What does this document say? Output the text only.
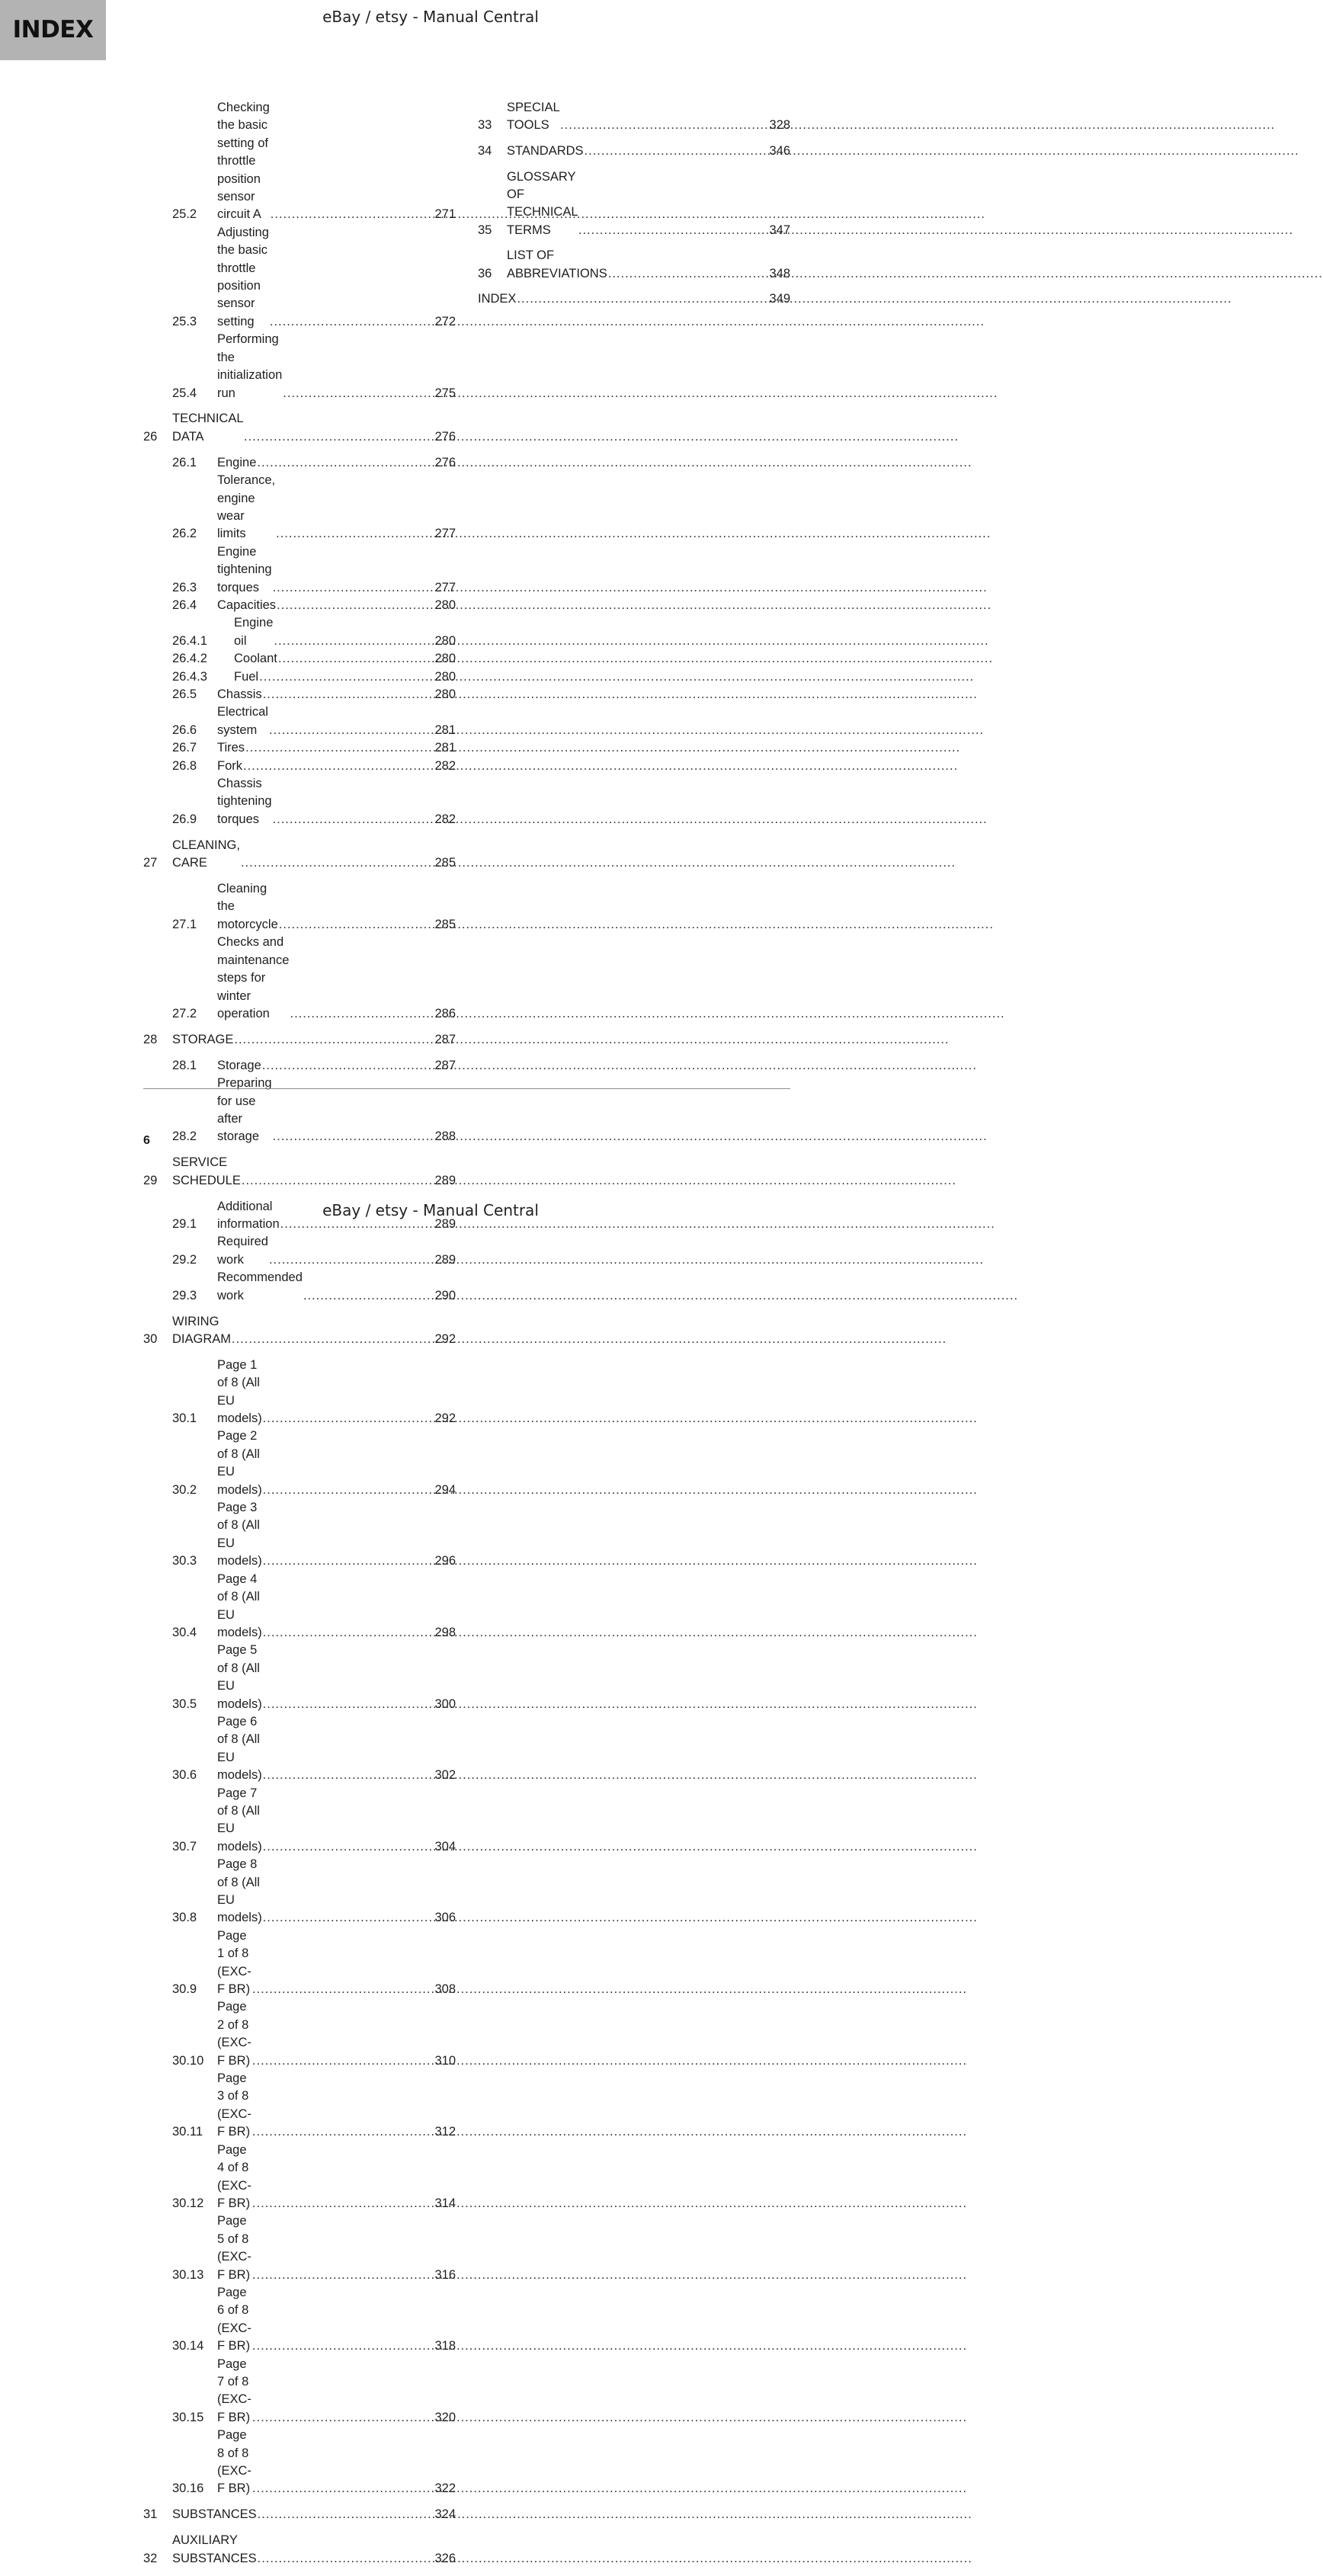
INDEX	eBay / etsy - Manual Central
25.2
Checking the basic setting of
throttle position sensor circuit A .....	271
25.3
Adjusting the basic throttle
position sensor setting .....	272
25.4
Performing the initialization run .....	275
26
TECHNICAL DATA .....	276
26.1	Engine .....	276
26.2
Tolerance, engine wear limits .....	277
26.3
Engine tightening torques .....	277
26.4	Capacities .....	280
26.4.1
Engine oil .....	280
26.4.2	Coolant .....	280
26.4.3	Fuel .....	280
26.5	Chassis .....	280
26.6
Electrical system .....	281
26.7	Tires .....	281
26.8	Fork .....	282
26.9
Chassis tightening torques .....	282
27
CLEANING, CARE .....	285
27.1
Cleaning the motorcycle .....	285
27.2
Checks and maintenance steps for
winter operation .....	286
28	STORAGE .....	287
28.1	Storage .....	287
28.2
Preparing for use after storage .....	288
29
SERVICE SCHEDULE .....	289
29.1
Additional information .....	289
29.2
Required work .....	289
29.3
Recommended work .....	290
30
WIRING DIAGRAM .....	292
30.1
Page 1 of 8 (All EU models) .....	292
30.2
Page 2 of 8 (All EU models) .....	294
30.3
Page 3 of 8 (All EU models) .....	296
30.4
Page 4 of 8 (All EU models) .....	298
30.5
Page 5 of 8 (All EU models) .....	300
30.6
Page 6 of 8 (All EU models) .....	302
30.7
Page 7 of 8 (All EU models) .....	304
30.8
Page 8 of 8 (All EU models) .....	306
30.9
Page 1 of 8 (EXC-F BR) .....	308
30.10
Page 2 of 8 (EXC-F BR) .....	310
30.11
Page 3 of 8 (EXC-F BR) .....	312
30.12
Page 4 of 8 (EXC-F BR) .....	314
30.13
Page 5 of 8 (EXC-F BR) .....	316
30.14
Page 6 of 8 (EXC-F BR) .....	318
30.15
Page 7 of 8 (EXC-F BR) .....	320
30.16
Page 8 of 8 (EXC-F BR) .....	322
31	SUBSTANCES .....	324
32
AUXILIARY SUBSTANCES .....	326
33
SPECIAL TOOLS .....	328
34	STANDARDS .....	346
35
GLOSSARY OF TECHNICAL TERMS .....	347
36
LIST OF ABBREVIATIONS .....	348
INDEX .....	349
6
eBay / etsy - Manual Central
